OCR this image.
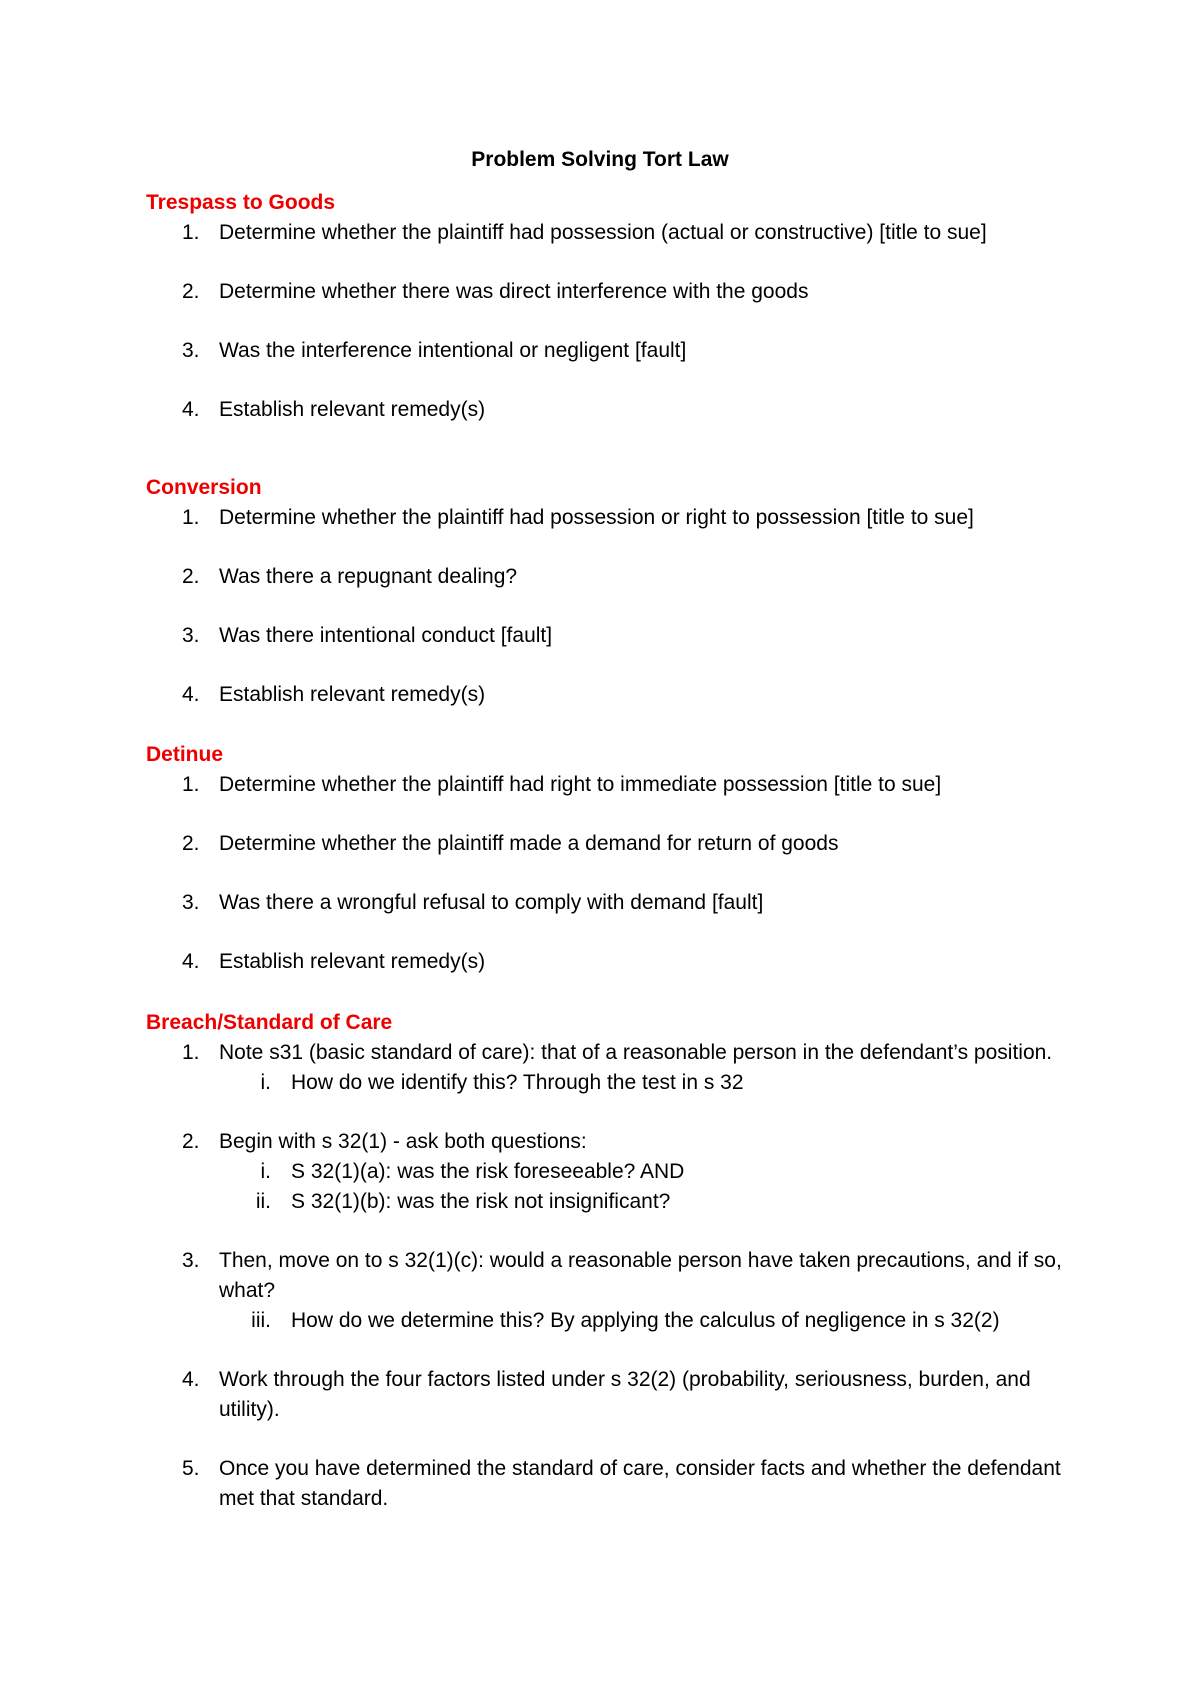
Problem Solving Tort Law
Trespass to Goods
1. Determine whether the plaintiff had possession (actual or constructive) [title to sue]
2. Determine whether there was direct interference with the goods
3. Was the interference intentional or negligent [fault]
4. Establish relevant remedy(s)
Conversion
1. Determine whether the plaintiff had possession or right to possession [title to sue]
2. Was there a repugnant dealing?
3. Was there intentional conduct [fault]
4. Establish relevant remedy(s)
Detinue
1. Determine whether the plaintiff had right to immediate possession [title to sue]
2. Determine whether the plaintiff made a demand for return of goods
3. Was there a wrongful refusal to comply with demand [fault]
4. Establish relevant remedy(s)
Breach/Standard of Care
1. Note s31 (basic standard of care): that of a reasonable person in the defendant’s position.
i. How do we identify this? Through the test in s 32
2. Begin with s 32(1) - ask both questions:
i. S 32(1)(a): was the risk foreseeable? AND
ii. S 32(1)(b): was the risk not insignificant?
3. Then, move on to s 32(1)(c): would a reasonable person have taken precautions, and if so, what?
iii. How do we determine this? By applying the calculus of negligence in s 32(2)
4. Work through the four factors listed under s 32(2) (probability, seriousness, burden, and utility).
5. Once you have determined the standard of care, consider facts and whether the defendant met that standard.
